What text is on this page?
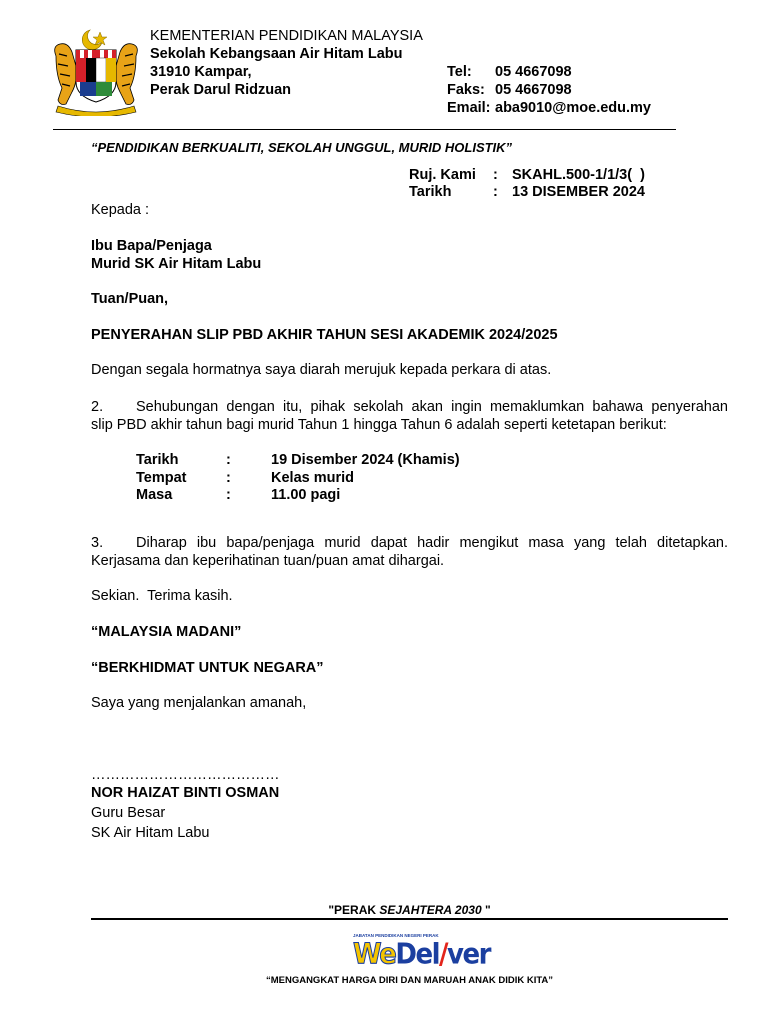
KEMENTERIAN PENDIDIKAN MALAYSIA
Sekolah Kebangsaan Air Hitam Labu
31910 Kampar,
Perak Darul Ridzuan
Tel: 05 4667098
Faks: 05 4667098
Email: aba9010@moe.edu.my
“PENDIDIKAN BERKUALITI, SEKOLAH UNGGUL, MURID HOLISTIK”
Ruj. Kami : SKAHL.500-1/1/3(  )
Tarikh	: 13 DISEMBER 2024
Kepada :
Ibu Bapa/Penjaga
Murid SK Air Hitam Labu
Tuan/Puan,
PENYERAHAN SLIP PBD AKHIR TAHUN SESI AKADEMIK 2024/2025
Dengan segala hormatnya saya diarah merujuk kepada perkara di atas.
2. Sehubungan dengan itu, pihak sekolah akan ingin memaklumkan bahawa penyerahan
slip PBD akhir tahun bagi murid Tahun 1 hingga Tahun 6 adalah seperti ketetapan berikut:
Tarikh	:	19 Disember 2024 (Khamis)
Tempat	:	Kelas murid
Masa	:	11.00 pagi
3. Diharap ibu bapa/penjaga murid dapat hadir mengikut masa yang telah ditetapkan.
Kerjasama dan keperihatinan tuan/puan amat dihargai.
Sekian.  Terima kasih.
“MALAYSIA MADANI”
“BERKHIDMAT UNTUK NEGARA”
Saya yang menjalankan amanah,
…………………………………
NOR HAIZAT BINTI OSMAN
Guru Besar
SK Air Hitam Labu
"PERAK SEJAHTERA 2030 "
JABATAN PENDIDIKAN NEGERI PERAK
WeDel/ver
“MENGANGKAT HARGA DIRI DAN MARUAH ANAK DIDIK KITA”
